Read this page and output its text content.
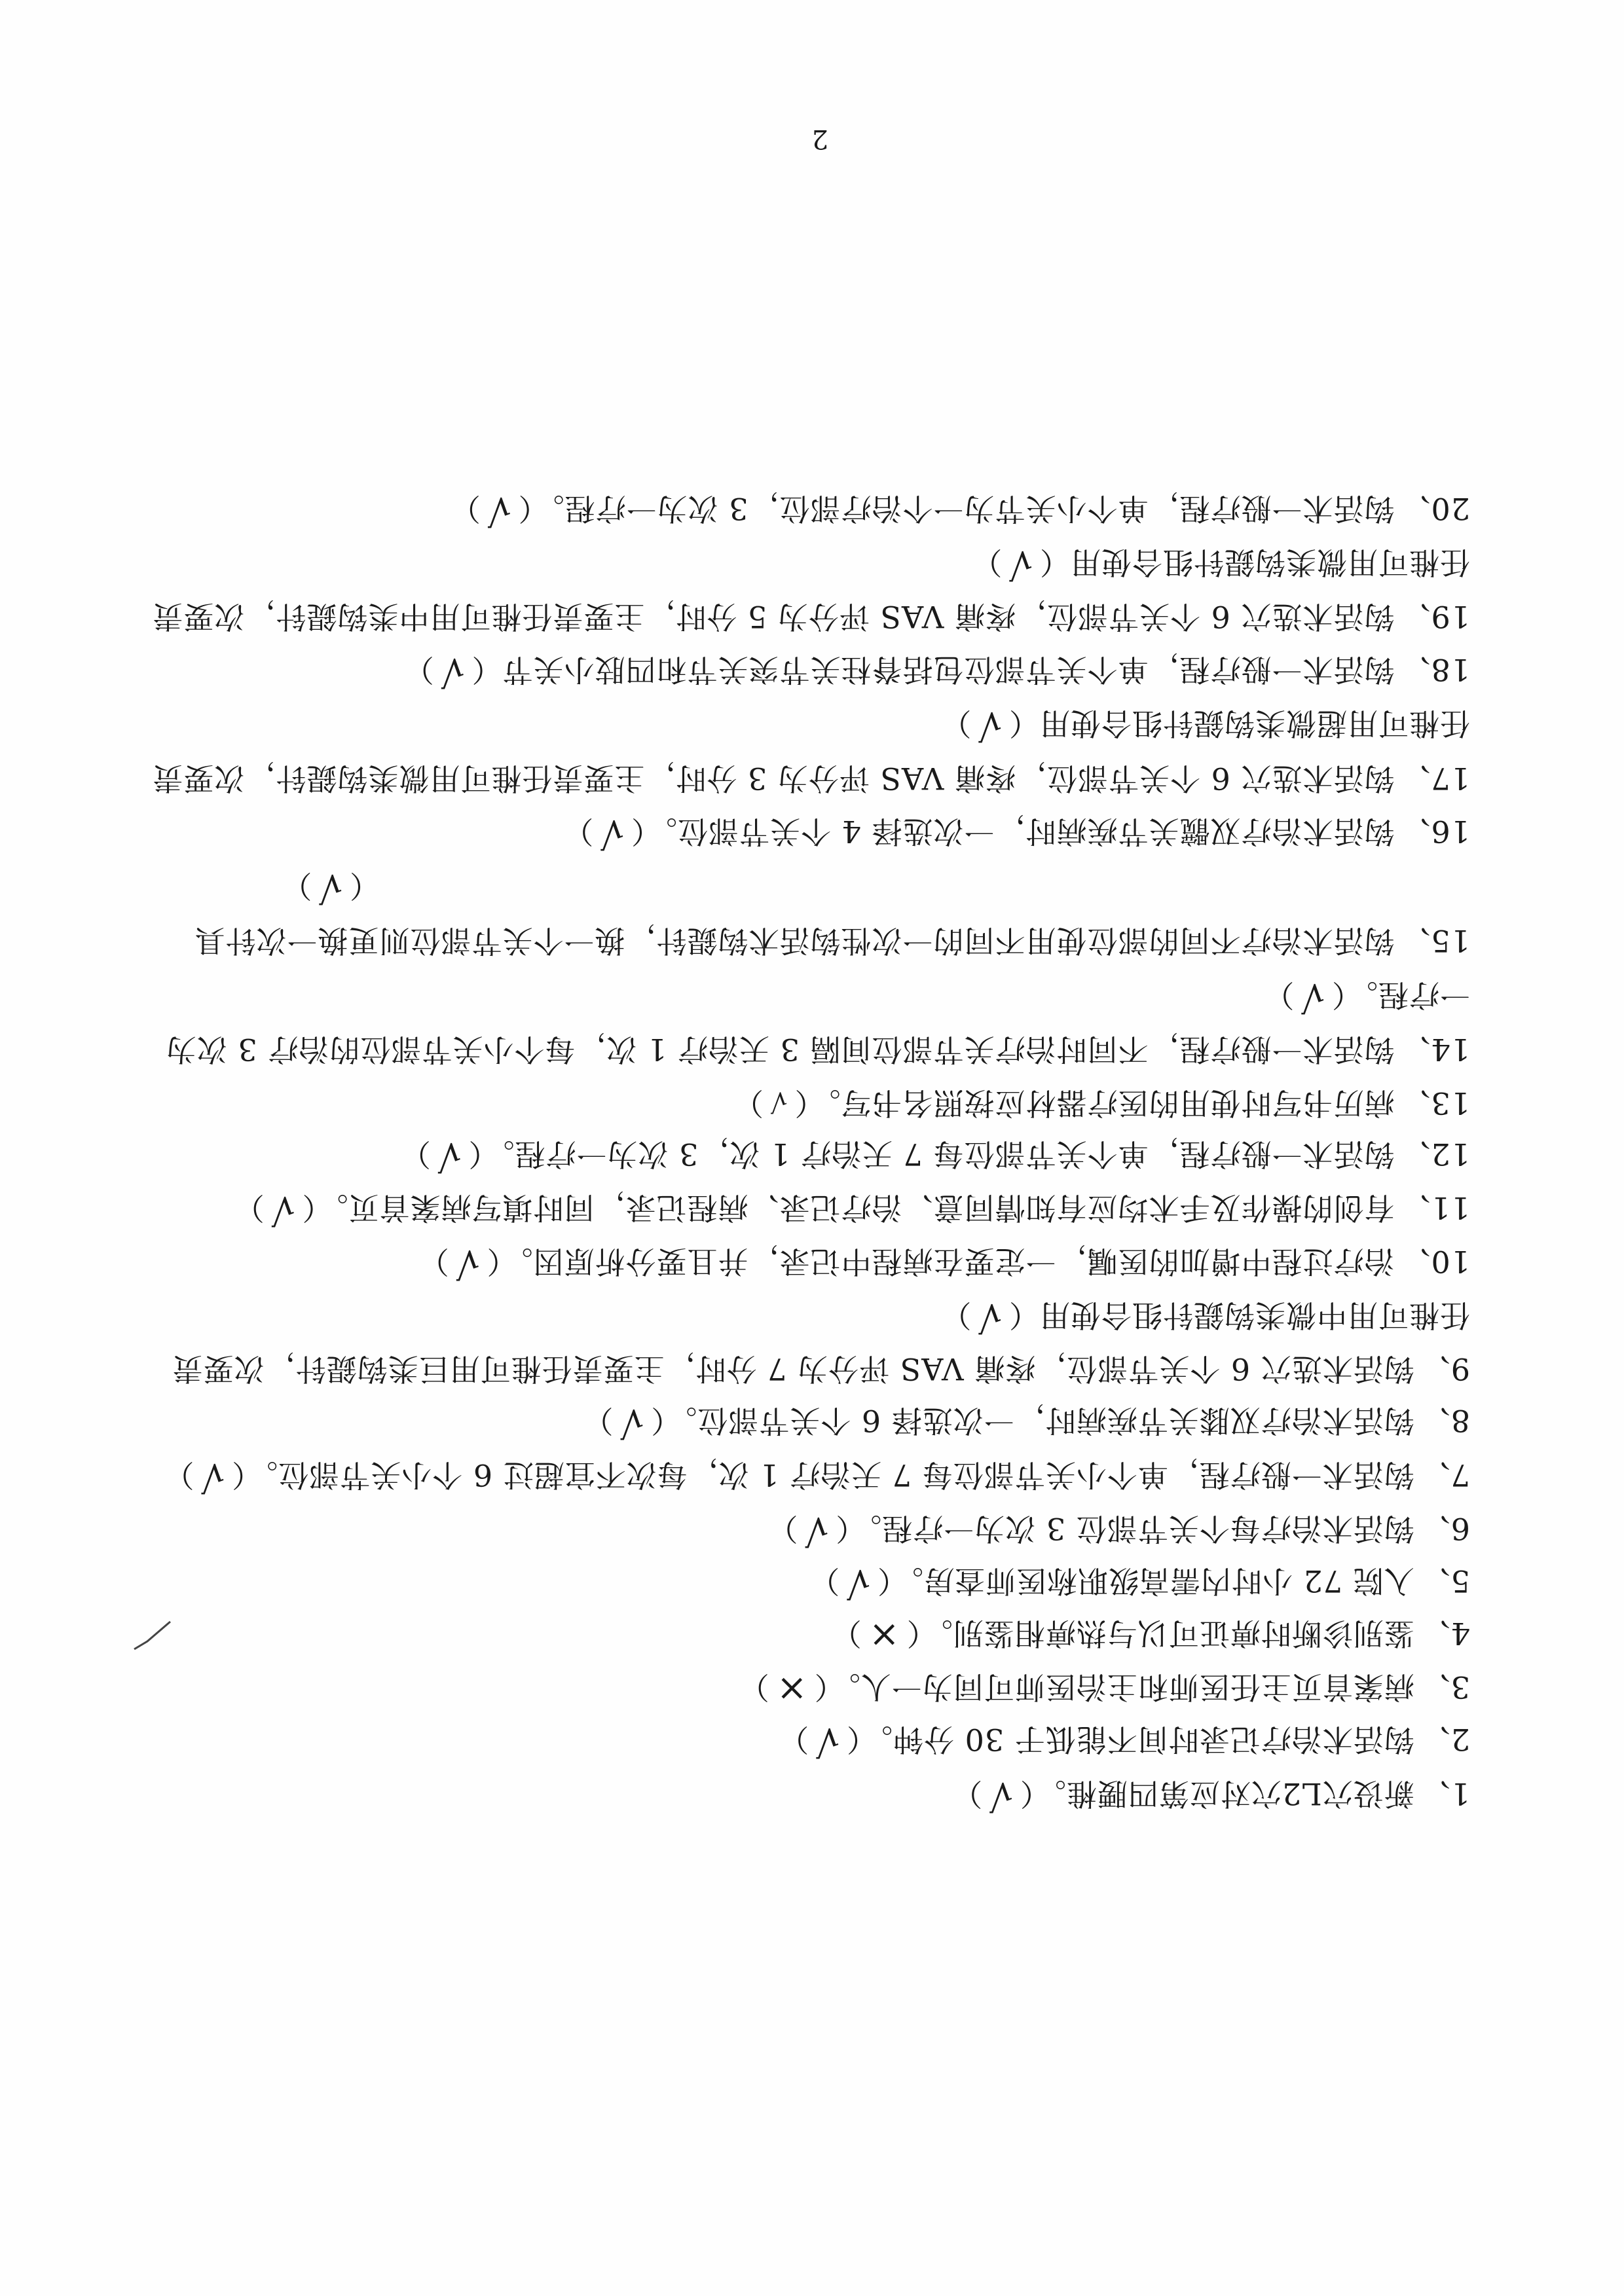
1、新设穴L2穴对应第四腰椎。（√）
2、钩活术治疗记录时间不能低于 30 分钟。（√）
3、病案首页主任医师和主治医师可同为一人。（×）
4、鉴别诊断时痹证可以与热痹相鉴别。（×）
5、入院 72 小时内需高级职称医师查房。（√）
6、钩活术治疗每个关节部位 3 次为一疗程。（√）
7、钩活术一般疗程，单个小关节部位每 7 天治疗 1 次，每次不宜超过 6 个小关节部位。（√）
8、钩活术治疗双膝关节疾病时，一次选择 6 个关节部位。（√）
9、钩活术选穴 6 个关节部位，疼痛 VAS 评分为 7 分时，主要责任椎可用巨类钩鍉针，次要责
任椎可用中微类钩鍉针组合使用（√）
10、治疗过程中增加的医嘱，一定要在病程中记录，并且要分析原因。（√）
11、有创的操作及手术均应有知情同意、治疗记录、病程记录，同时填写病案首页。（√）
12、钩活术一般疗程，单个关节部位每 7 天治疗 1 次，3 次为一疗程。（√）
13、病历书写时使用的医疗器材应按照名书写。（√）
14、钩活术一般疗程，不同时治疗关节部位间隔 3 天治疗 1 次，每个小关节部位的治疗 3 次为
一疗程。（√）
15、钩活术治疗不同的部位使用不同的一次性钩活术钩鍉针，换一个关节部位则更换一次针具
（√）
16、钩活术治疗双髋关节疾病时，一次选择 4 个关节部位。（√）
17、钩活术选穴 6 个关节部位，疼痛 VAS 评分为 3 分时，主要责任椎可用微类钩鍉针，次要责
任椎可用超微类钩鍉针组合使用（√）
18、钩活术一般疗程，单个关节部位包括脊柱关节突关节和四肢小关节（√）
19、钩活术选穴 6 个关节部位，疼痛 VAS 评分为 5 分时，主要责任椎可用中类钩鍉针，次要责
任椎可用微类钩鍉针组合使用（√）
20、钩活术一般疗程，单个小关节为一个治疗部位，3 次为一疗程。（√）
2
